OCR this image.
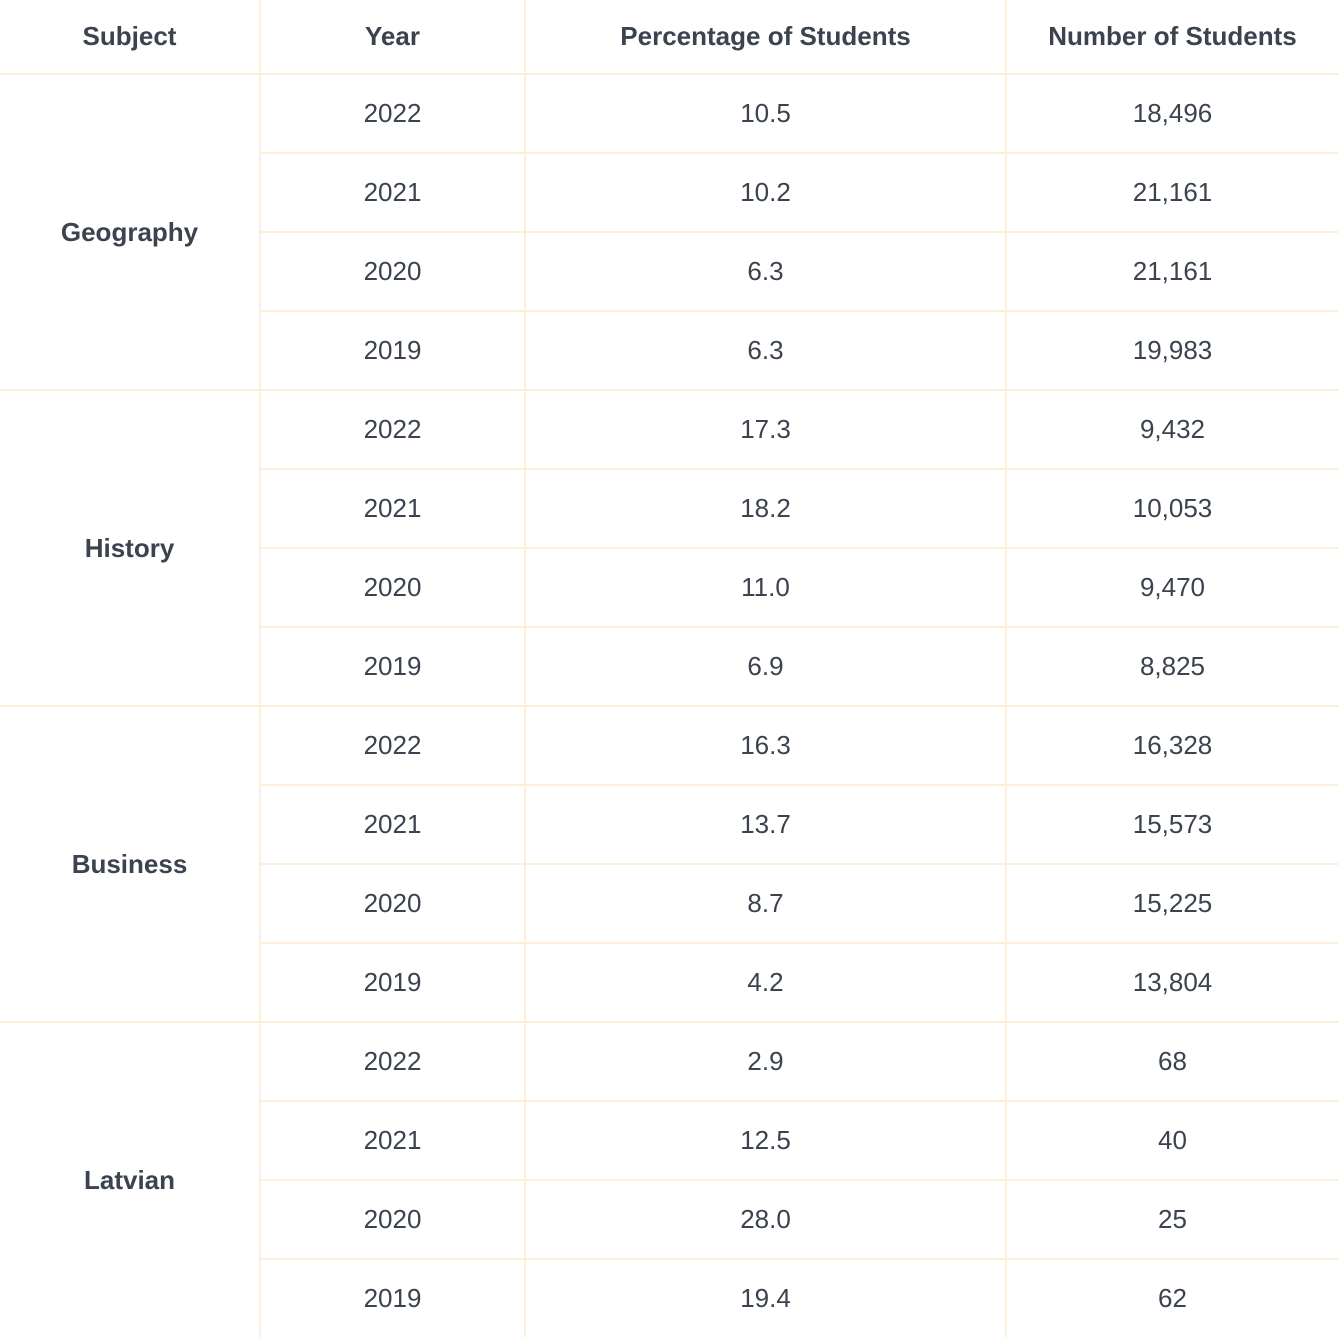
Subject	Year	Percentage of Students	Number of Students
Geography	2022	10.5	18,496
	2021	10.2	21,161
	2020	6.3	21,161
	2019	6.3	19,983
History	2022	17.3	9,432
	2021	18.2	10,053
	2020	11.0	9,470
	2019	6.9	8,825
Business	2022	16.3	16,328
	2021	13.7	15,573
	2020	8.7	15,225
	2019	4.2	13,804
Latvian	2022	2.9	68
	2021	12.5	40
	2020	28.0	25
	2019	19.4	62
